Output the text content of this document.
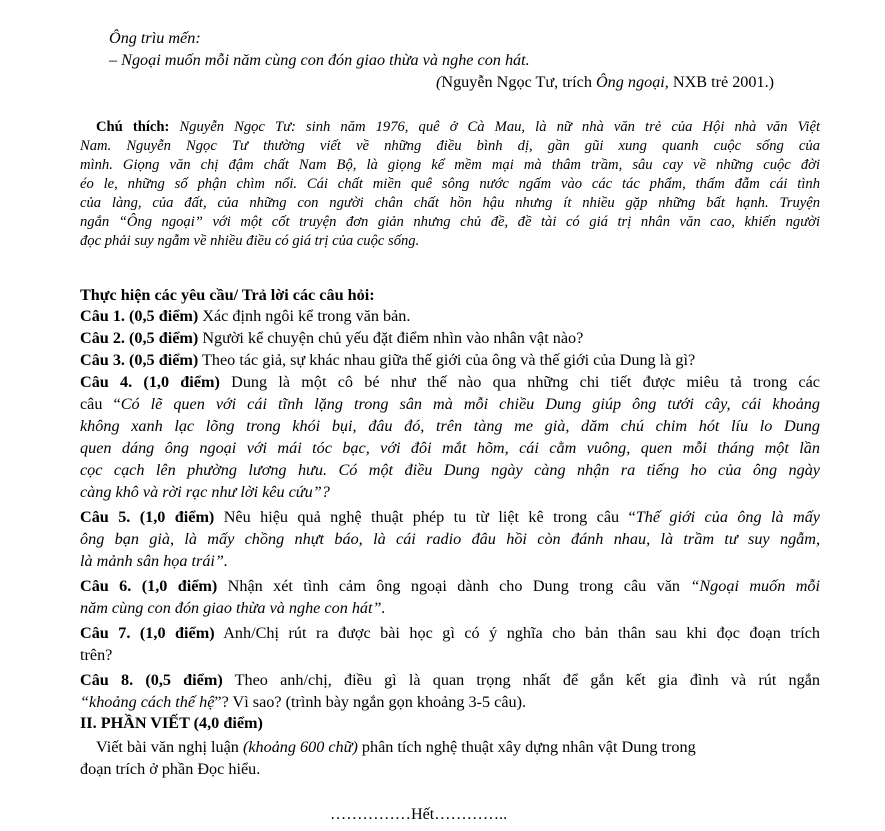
Ông trìu mến:
– Ngoại muốn mỗi năm cùng con đón giao thừa và nghe con hát.
(Nguyễn Ngọc Tư, trích Ông ngoại, NXB trẻ 2001.)
Chú thích: Nguyễn Ngọc Tư: sinh năm 1976, quê ở Cà Mau, là nữ nhà văn trẻ của Hội nhà văn Việt
Nam. Nguyễn Ngọc Tư thường viết về những điều bình dị, gần gũi xung quanh cuộc sống của
mình. Giọng văn chị đậm chất Nam Bộ, là giọng kể mềm mại mà thâm trầm, sâu cay về những cuộc đời
éo le, những số phận chìm nổi. Cái chất miền quê sông nước ngấm vào các tác phẩm, thấm đẫm cái tình
của làng, của đất, của những con người chân chất hồn hậu nhưng ít nhiều gặp những bất hạnh. Truyện
ngắn “Ông ngoại” với một cốt truyện đơn giản nhưng chủ đề, đề tài có giá trị nhân văn cao, khiến người
đọc phải suy ngẫm về nhiều điều có giá trị của cuộc sống.
Thực hiện các yêu cầu/ Trả lời các câu hỏi:
Câu 1. (0,5 điểm) Xác định ngôi kể trong văn bản.
Câu 2. (0,5 điểm) Người kể chuyện chủ yếu đặt điểm nhìn vào nhân vật nào?
Câu 3. (0,5 điểm) Theo tác giả, sự khác nhau giữa thế giới của ông và thế giới của Dung là gì?
Câu 4. (1,0 điểm) Dung là một cô bé như thế nào qua những chi tiết được miêu tả trong các
câu “Có lẽ quen với cái tĩnh lặng trong sân mà mỗi chiều Dung giúp ông tưới cây, cái khoảng
không xanh lạc lõng trong khói bụi, đâu đó, trên tàng me già, dăm chú chim hót líu lo Dung
quen dáng ông ngoại với mái tóc bạc, với đôi mắt hõm, cái cằm vuông, quen mỗi tháng một lần
cọc cạch lên phường lương hưu. Có một điều Dung ngày càng nhận ra tiếng ho của ông ngày
càng khô và rời rạc như lời kêu cứu”?
Câu 5. (1,0 điểm) Nêu hiệu quả nghệ thuật phép tu từ liệt kê trong câu “Thế giới của ông là mấy
ông bạn già, là mấy chồng nhựt báo, là cái radio đâu hồi còn đánh nhau, là trầm tư suy ngẫm,
là mảnh sân họa trái”.
Câu 6. (1,0 điểm) Nhận xét tình cảm ông ngoại dành cho Dung trong câu văn “Ngoại muốn mỗi
năm cùng con đón giao thừa và nghe con hát”.
Câu 7. (1,0 điểm) Anh/Chị rút ra được bài học gì có ý nghĩa cho bản thân sau khi đọc đoạn trích
trên?
Câu 8. (0,5 điểm) Theo anh/chị, điều gì là quan trọng nhất để gắn kết gia đình và rút ngắn
“khoảng cách thế hệ”? Vì sao? (trình bày ngắn gọn khoảng 3-5 câu).
II. PHẦN VIẾT (4,0 điểm)
Viết bài văn nghị luận (khoảng 600 chữ) phân tích nghệ thuật xây dựng nhân vật Dung trong
đoạn trích ở phần Đọc hiểu.
……………Hết…………..
